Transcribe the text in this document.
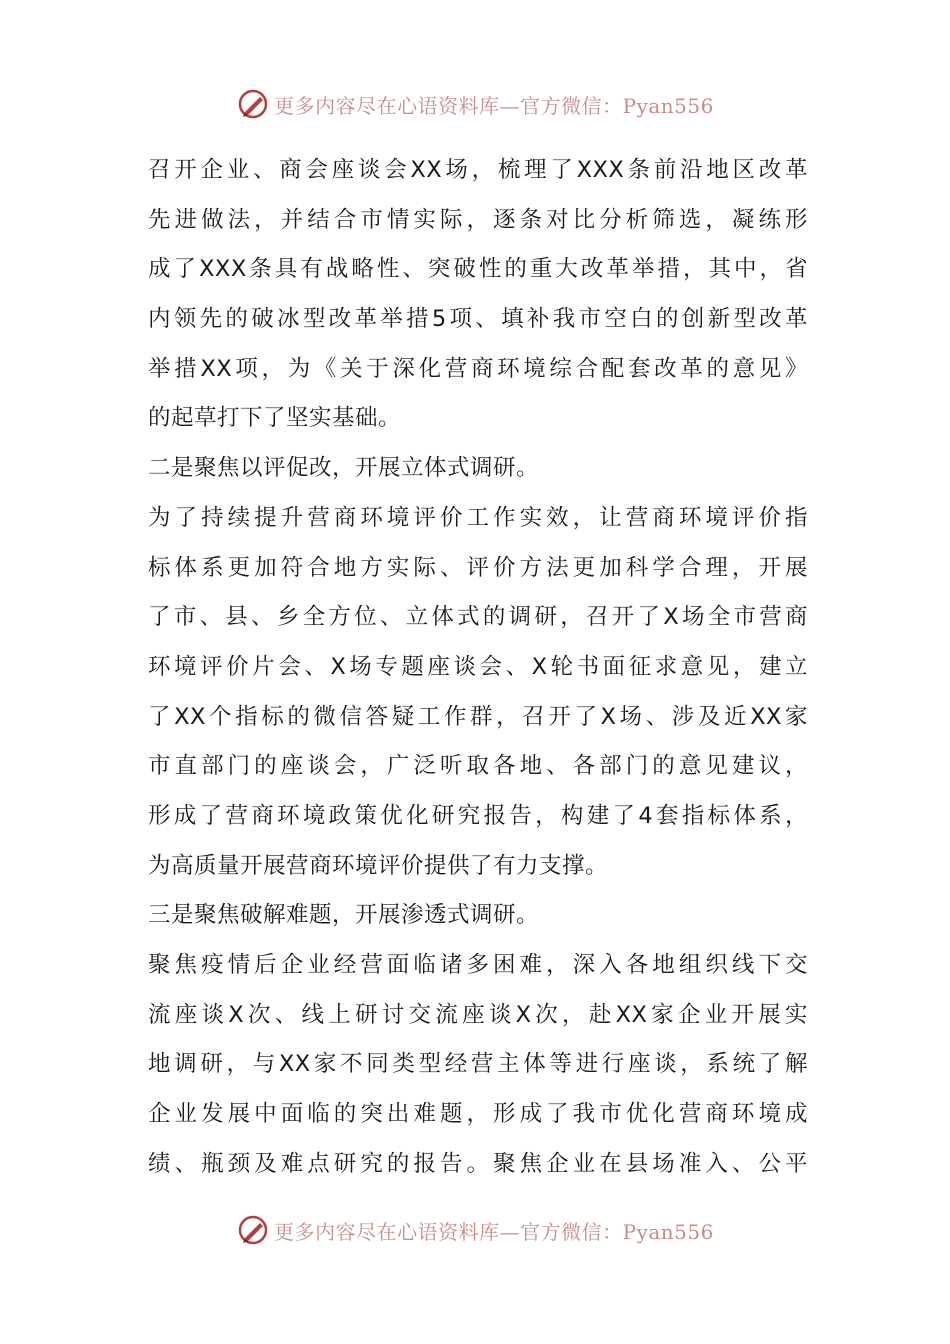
更多内容尽在心语资料库—官方微信：Pyan556
召开企业、商会座谈会XX场，梳理了XXX条前沿地区改革
先进做法，并结合市情实际，逐条对比分析筛选，凝练形
成了XXX条具有战略性、突破性的重大改革举措，其中，省
内领先的破冰型改革举措5项、填补我市空白的创新型改革
举措XX项，为《关于深化营商环境综合配套改革的意见》
的起草打下了坚实基础。
二是聚焦以评促改，开展立体式调研。
为了持续提升营商环境评价工作实效，让营商环境评价指
标体系更加符合地方实际、评价方法更加科学合理，开展
了市、县、乡全方位、立体式的调研，召开了X场全市营商
环境评价片会、X场专题座谈会、X轮书面征求意见，建立
了XX个指标的微信答疑工作群，召开了X场、涉及近XX家
市直部门的座谈会，广泛听取各地、各部门的意见建议，
形成了营商环境政策优化研究报告，构建了4套指标体系，
为高质量开展营商环境评价提供了有力支撑。
三是聚焦破解难题，开展渗透式调研。
聚焦疫情后企业经营面临诸多困难，深入各地组织线下交
流座谈X次、线上研讨交流座谈X次，赴XX家企业开展实
地调研，与XX家不同类型经营主体等进行座谈，系统了解
企业发展中面临的突出难题，形成了我市优化营商环境成
绩、瓶颈及难点研究的报告。聚焦企业在县场准入、公平
更多内容尽在心语资料库—官方微信：Pyan556
